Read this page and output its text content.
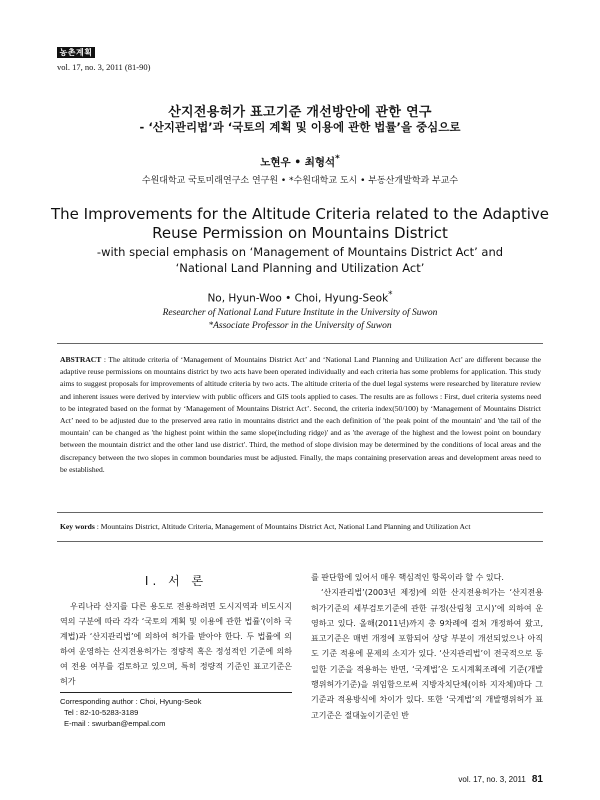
농촌계획
vol. 17, no. 3, 2011 (81-90)
산지전용허가 표고기준 개선방안에 관한 연구
- ‘산지관리법’과 ‘국토의 계획 및 이용에 관한 법률’을 중심으로
노현우 • 최형석*
수원대학교 국토미래연구소 연구원 • *수원대학교 도시 • 부동산개발학과 부교수
The Improvements for the Altitude Criteria related to the Adaptive
Reuse Permission on Mountains District
-with special emphasis on ‘Management of Mountains District Act’ and
‘National Land Planning and Utilization Act’
No, Hyun-Woo • Choi, Hyung-Seok*
Researcher of National Land Future Institute in the University of Suwon
*Associate Professor in the University of Suwon
ABSTRACT : The altitude criteria of ‘Management of Mountains District Act’ and ‘National Land Planning and Utilization Act’ are different because the adaptive reuse permissions on mountains district by two acts have been operated individually and each criteria has some problems for application. This study aims to suggest proposals for improvements of altitude criteria by two acts. The altitude criteria of the duel legal systems were researched by literature review and inherent issues were derived by interview with public officers and GIS tools applied to cases. The results are as follows : First, duel criteria systems need to be integrated based on the format by ‘Management of Mountains District Act’. Second, the criteria index(50/100) by ‘Management of Mountains District Act’ need to be adjusted due to the preserved area ratio in mountains district and the each definition of 'the peak point of the mountain' and 'the tail of the mountain' can be changed as 'the highest point within the same slope(including ridge)' and as 'the average of the highest and the lowest point on boundary between the mountain district and the other land use district'. Third, the method of slope division may be determined by the conditions of local areas and the discrepancy between the two slopes in common boundaries must be adjusted. Finally, the maps containing preservation areas and development areas need to be established.
Key words : Mountains District, Altitude Criteria, Management of Mountains District Act, National Land Planning and Utilization Act
Ⅰ. 서 론
우리나라 산지를 다른 용도로 전용하려면 도시지역과 비도시지역의 구분에 따라 각각 ‘국토의 계획 및 이용에 관한 법률’(이하 국계법)과 ‘산지관리법’에 의하여 허가를 받아야 한다. 두 법률에 의하여 운영하는 산지전용허가는 정량적 혹은 정성적인 기준에 의하여 전용 여부를 검토하고 있으며, 특히 정량적 기준인 표고기준은 허가

를 판단함에 있어서 매우 핵심적인 항목이라 할 수 있다.

‘산지관리법’(2003년 제정)에 의한 산지전용허가는 ‘산지전용허가기준의 세부검토기준에 관한 규정(산림청 고시)’에 의하여 운영하고 있다. 올해(2011년)까지 총 9차례에 걸쳐 개정하여 왔고, 표고기준은 매번 개정에 포함되어 상당 부분이 개선되었으나 아직도 기준 적용에 문제의 소지가 있다. ‘산지관리법’이 전국적으로 동일한 기준을 적용하는 반면, ‘국계법’은 도시계획조례에 기준(개발행위허가기준)을 위임함으로써 지방자치단체(이하 지자체)마다 그 기준과 적용방식에 차이가 있다. 또한 ‘국계법’의 개발행위허가 표고기준은 절대높이기준인 반

Corresponding author : Choi, Hyung-Seok
Tel : 82-10-5283-3189
E-mail : swurban@empal.com
vol. 17, no. 3, 2011 81
